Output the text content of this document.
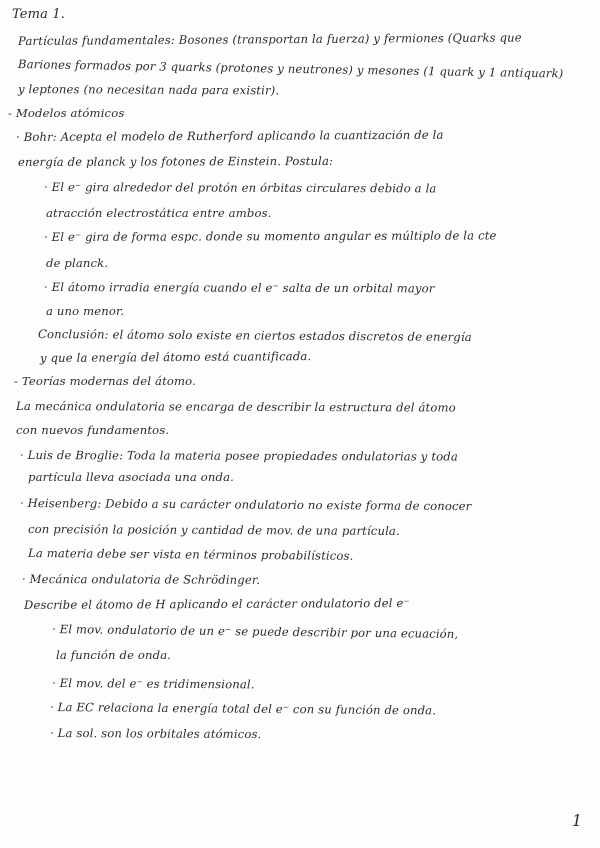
Tema 1.
Partículas fundamentales: Bosones (transportan la fuerza) y fermiones (Quarks que
Bariones formados por 3 quarks (protones y neutrones) y mesones (1 quark y 1 antiquark)
y leptones (no necesitan nada para existir).
- Modelos atómicos
· Bohr: Acepta el modelo de Rutherford aplicando la cuantización de la
energía de planck y los fotones de Einstein. Postula:
· El e⁻ gira alrededor del protón en órbitas circulares debido a la
atracción electrostática entre ambos.
· El e⁻ gira de forma espc. donde su momento angular es múltiplo de la cte
de planck.
· El átomo irradia energía cuando el e⁻ salta de un orbital mayor
a uno menor.
Conclusión: el átomo solo existe en ciertos estados discretos de energía
y que la energía del átomo está cuantificada.
- Teorías modernas del átomo.
La mecánica ondulatoria se encarga de describir la estructura del átomo
con nuevos fundamentos.
· Luis de Broglie: Toda la materia posee propiedades ondulatorias y toda
partícula lleva asociada una onda.
· Heisenberg: Debido a su carácter ondulatorio no existe forma de conocer
con precisión la posición y cantidad de mov. de una partícula.
La materia debe ser vista en términos probabilísticos.
· Mecánica ondulatoria de Schrödinger.
Describe el átomo de H aplicando el carácter ondulatorio del e⁻
· El mov. ondulatorio de un e⁻ se puede describir por una ecuación,
la función de onda.
· El mov. del e⁻ es tridimensional.
· La EC relaciona la energía total del e⁻ con su función de onda.
· La sol. son los orbitales atómicos.
1
